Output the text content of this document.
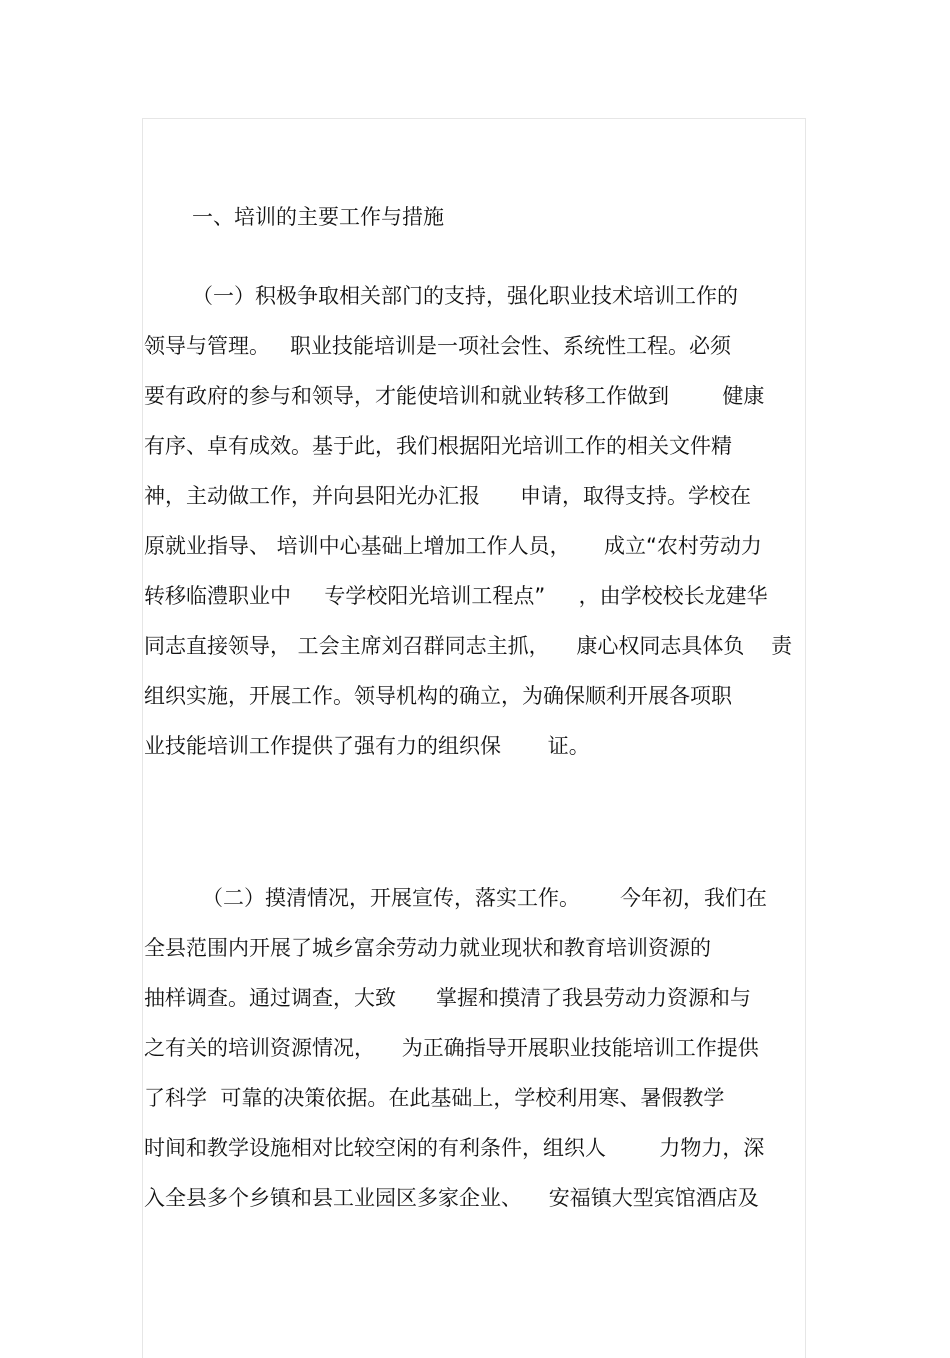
一、培训的主要工作与措施
（一）积极争取相关部门的支持，强化职业技术培训工作的
领导与管理。   职业技能培训是一项社会性、系统性工程。必须
要有政府的参与和领导，才能使培训和就业转移工作做到        健康
有序、卓有成效。基于此，我们根据阳光培训工作的相关文件精
神，主动做工作，并向县阳光办汇报      申请，取得支持。学校在
原就业指导、 培训中心基础上增加工作人员，     成立“农村劳动力
转移临澧职业中     专学校阳光培训工程点”     ，由学校校长龙建华
同志直接领导， 工会主席刘召群同志主抓，    康心权同志具体负    责
组织实施，开展工作。领导机构的确立，为确保顺利开展各项职
业技能培训工作提供了强有力的组织保       证。
（二）摸清情况，开展宣传，落实工作。      今年初，我们在
全县范围内开展了城乡富余劳动力就业现状和教育培训资源的
抽样调查。通过调查，大致      掌握和摸清了我县劳动力资源和与
之有关的培训资源情况，    为正确指导开展职业技能培训工作提供
了科学  可靠的决策依据。在此基础上，学校利用寒、暑假教学
时间和教学设施相对比较空闲的有利条件，组织人        力物力，深
入全县多个乡镇和县工业园区多家企业、    安福镇大型宾馆酒店及
